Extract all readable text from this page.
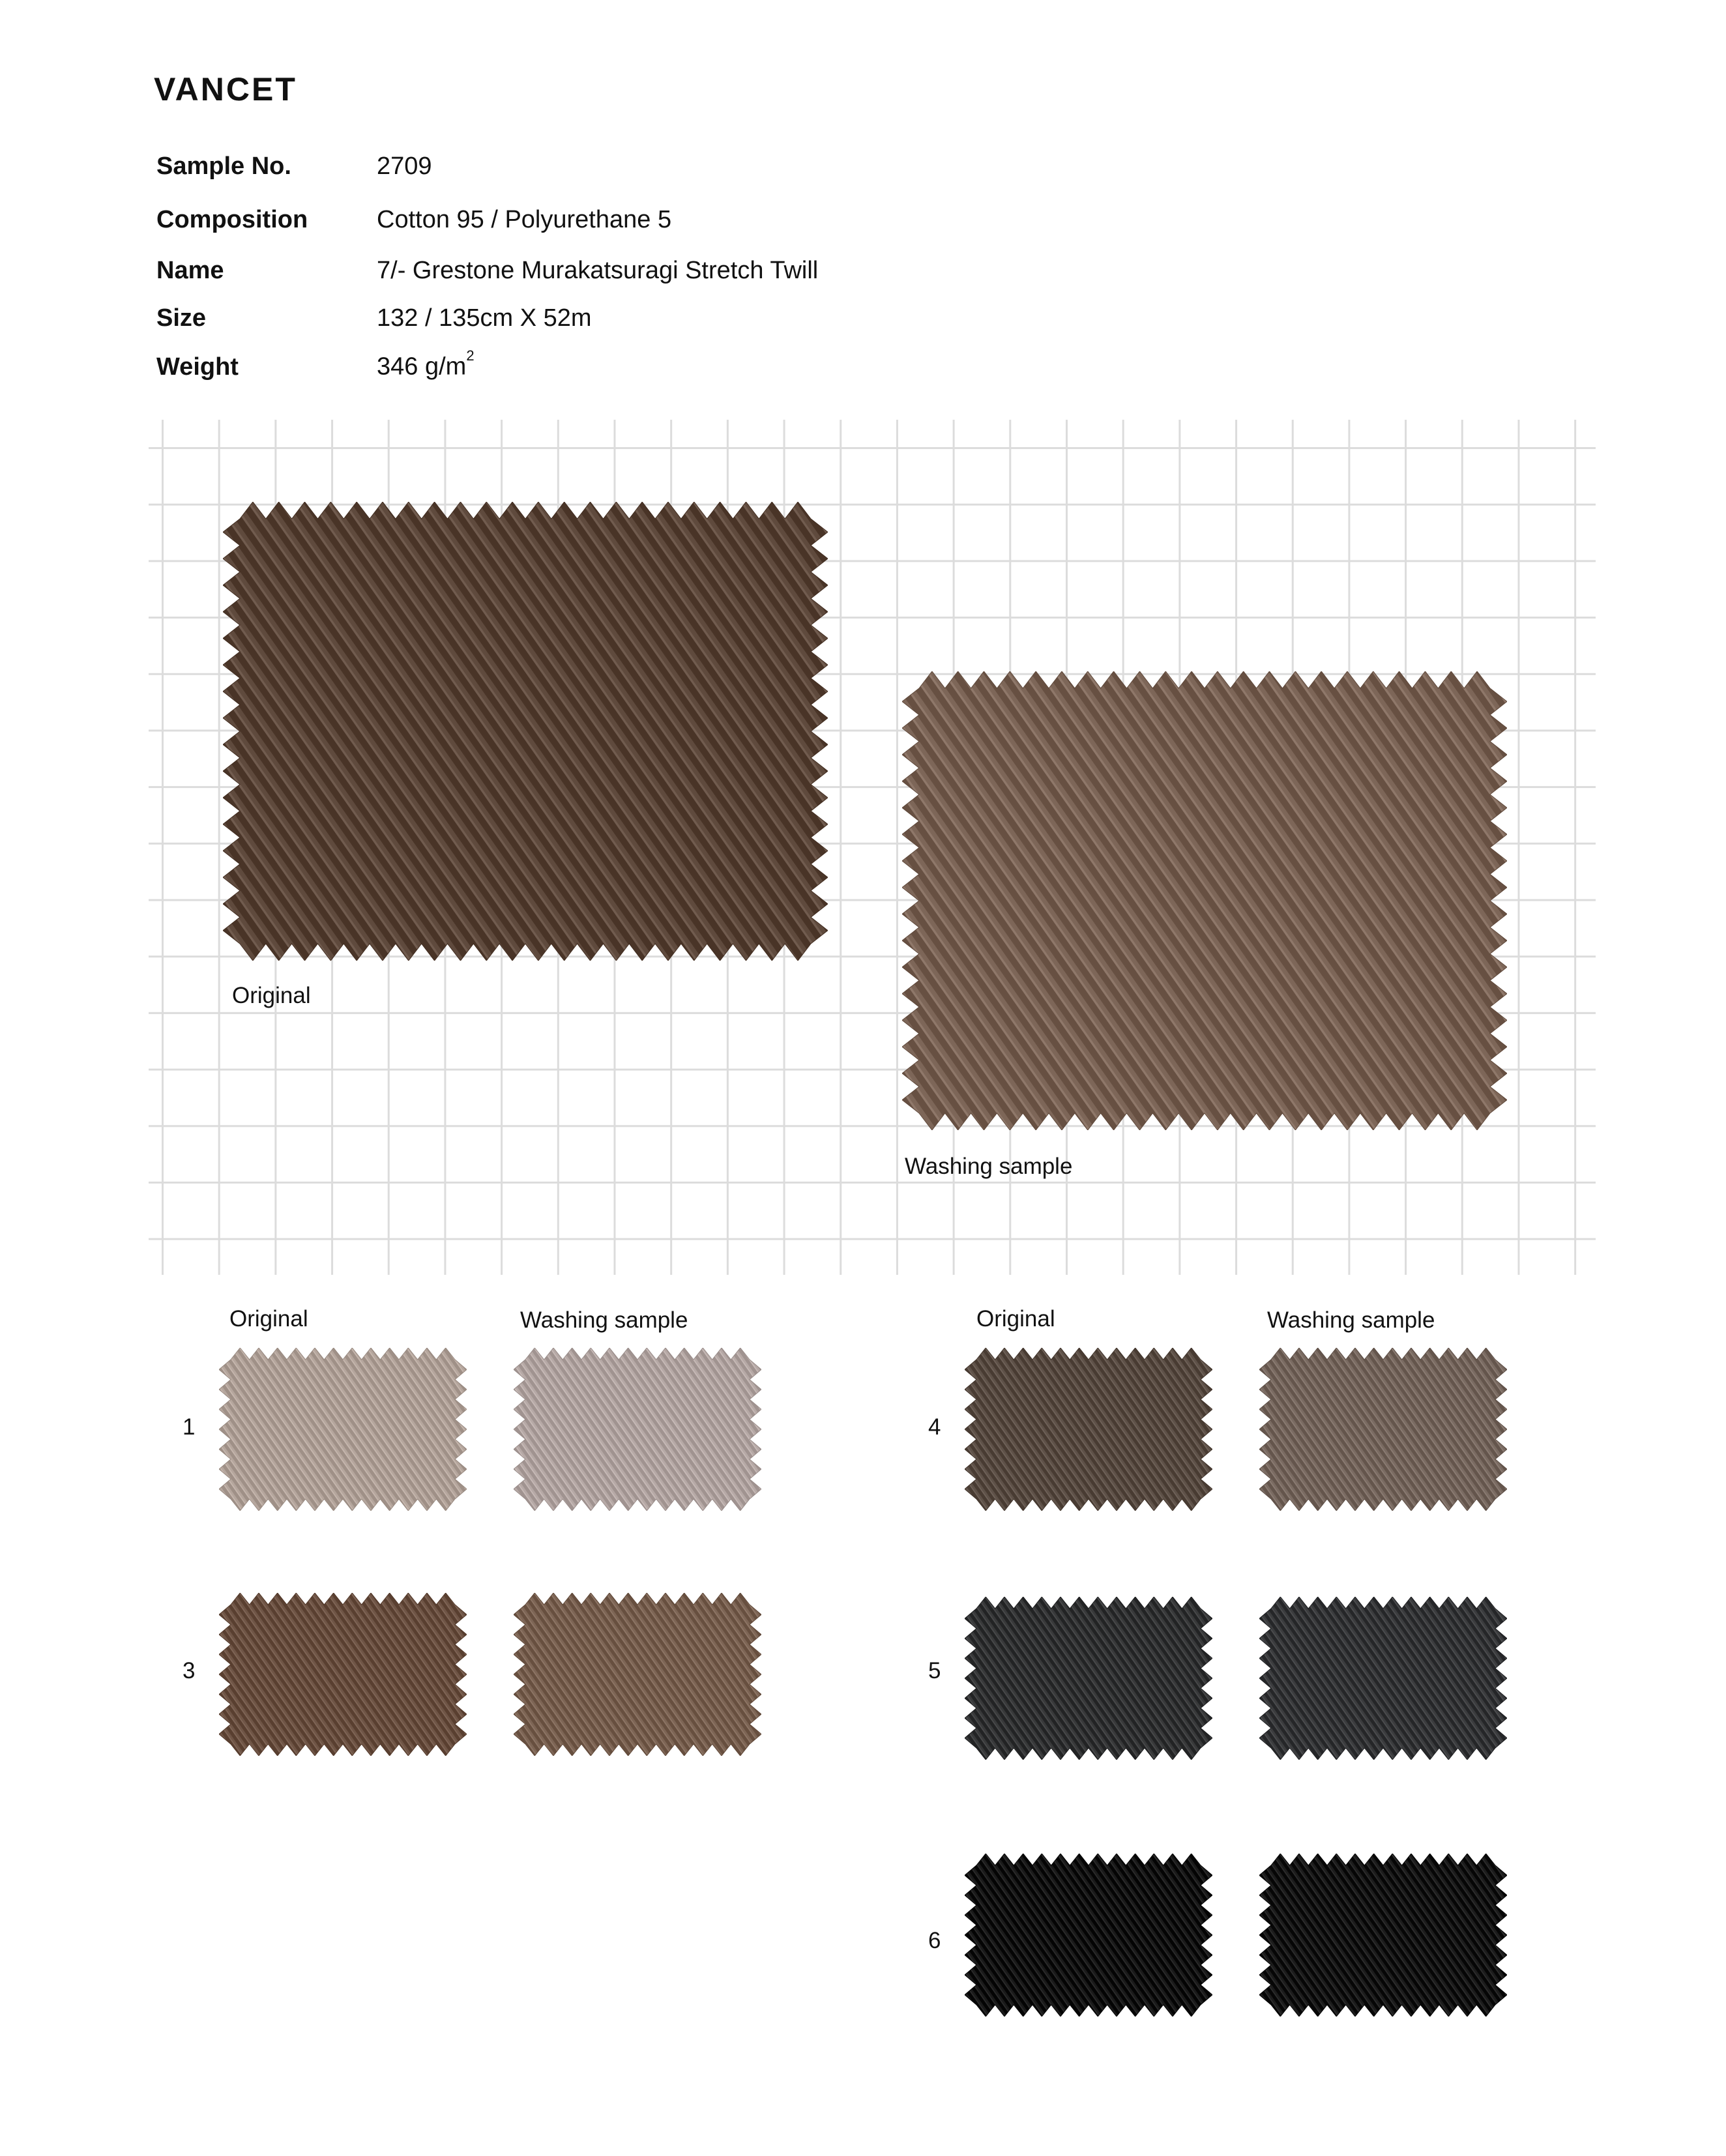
VANCET
Sample No.	2709
Composition	Cotton 95 / Polyurethane 5
Name	7/- Grestone Murakatsuragi Stretch Twill
Size	132 / 135cm X 52m
Weight	346 $g/m^2$
Original
Washing sample
Original	Washing sample	Original	Washing sample
1
3
4
5
6
